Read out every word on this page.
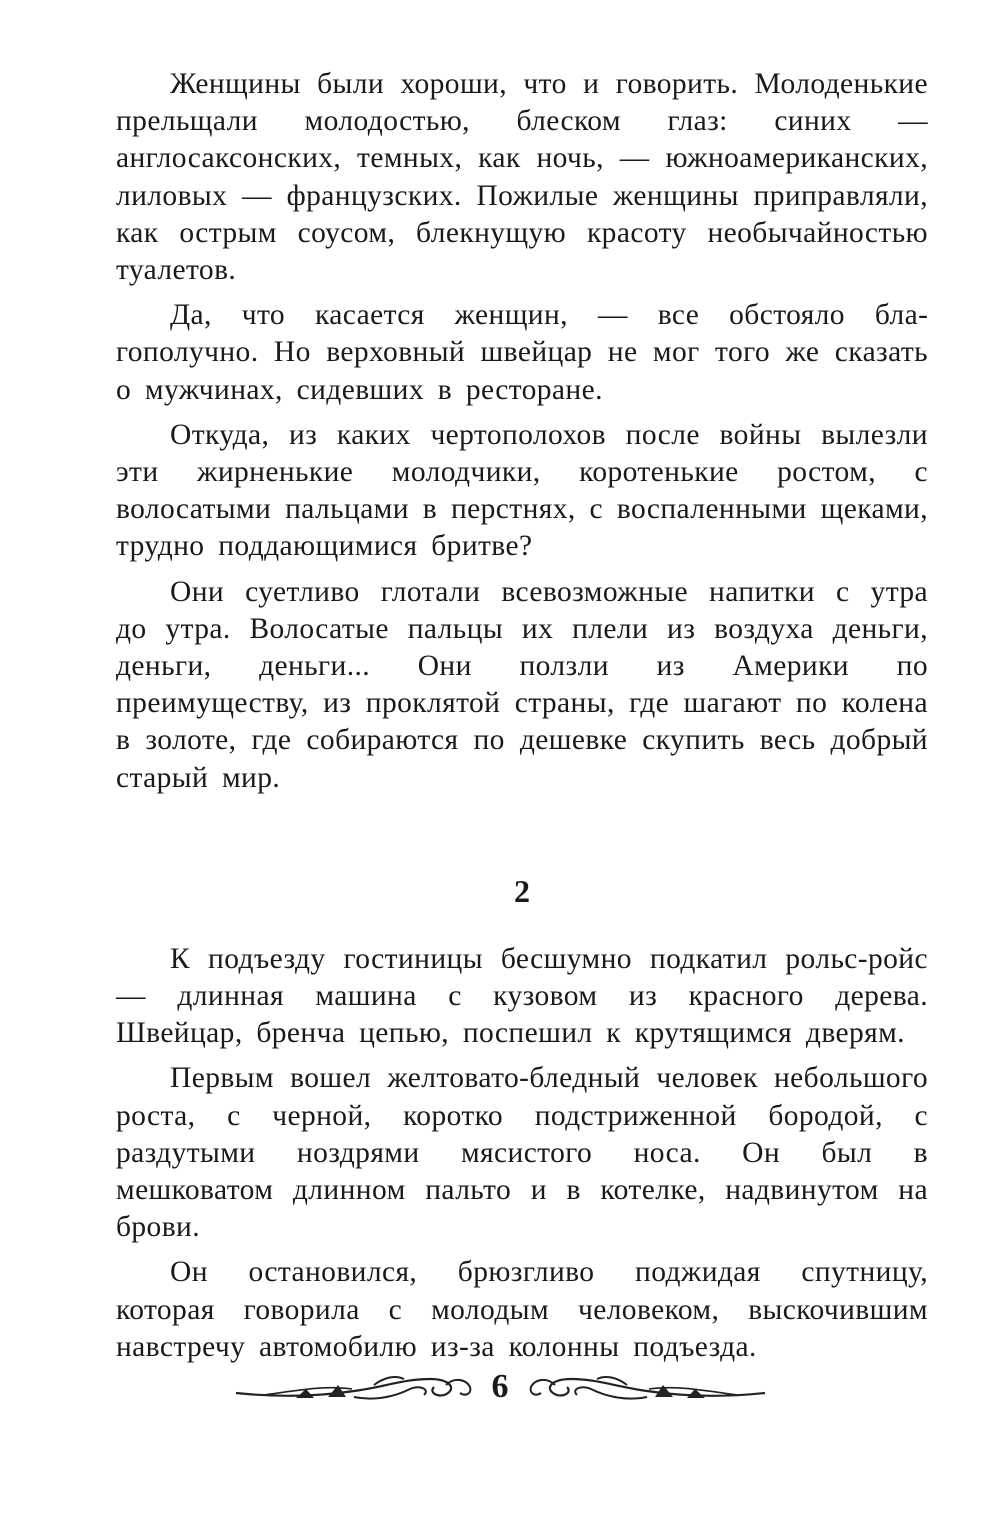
Женщины были хороши, что и говорить. Молоденькие прельщали молодостью, блеском глаз: синих — англосаксонских, темных, как ночь, — южноамериканских, лиловых — французских. Пожилые женщины приправляли, как острым соусом, блекнущую красоту необычайностью туалетов.

Да, что касается женщин, — все обстояло благополучно. Но верховный швейцар не мог того же сказать о мужчинах, сидевших в ресторане.

Откуда, из каких чертополохов после войны вылезли эти жирненькие молодчики, коротенькие ростом, с волосатыми пальцами в перстнях, с воспаленными щеками, трудно поддающимися бритве?

Они суетливо глотали всевозможные напитки с утра до утра. Волосатые пальцы их плели из воздуха деньги, деньги, деньги... Они ползли из Америки по преимуществу, из проклятой страны, где шагают по колена в золоте, где собираются по дешевке скупить весь добрый старый мир.

2

К подъезду гостиницы бесшумно подкатил рольс-ройс — длинная машина с кузовом из красного дерева. Швейцар, бренча цепью, поспешил к крутящимся дверям.

Первым вошел желтовато-бледный человек небольшого роста, с черной, коротко подстриженной бородой, с раздутыми ноздрями мясистого носа. Он был в мешковатом длинном пальто и в котелке, надвинутом на брови.

Он остановился, брюзгливо поджидая спутницу, которая говорила с молодым человеком, выскочившим навстречу автомобилю из-за колонны подъезда.

6
